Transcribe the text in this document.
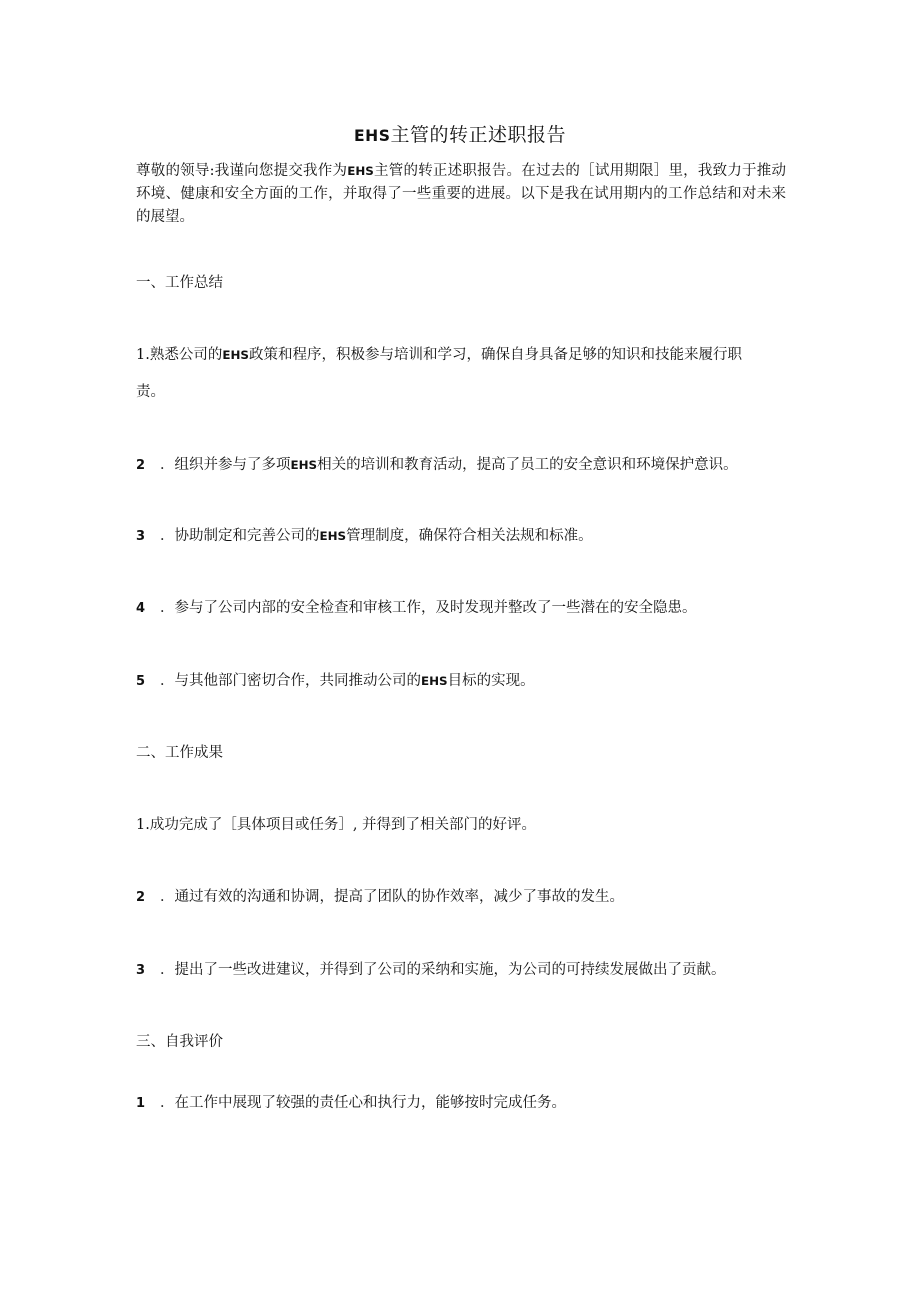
EHS主管的转正述职报告
尊敬的领导:我谨向您提交我作为EHS主管的转正述职报告。在过去的［试用期限］里，我致力于推动环境、健康和安全方面的工作，并取得了一些重要的进展。以下是我在试用期内的工作总结和对未来的展望。
一、工作总结
1.熟悉公司的EHS政策和程序，积极参与培训和学习，确保自身具备足够的知识和技能来履行职
责。
2 ．组织并参与了多项EHS相关的培训和教育活动，提高了员工的安全意识和环境保护意识。
3 ．协助制定和完善公司的EHS管理制度，确保符合相关法规和标准。
4 ．参与了公司内部的安全检查和审核工作，及时发现并整改了一些潜在的安全隐患。
5 ．与其他部门密切合作，共同推动公司的EHS目标的实现。
二、工作成果
1.成功完成了［具体项目或任务］, 并得到了相关部门的好评。
2 ．通过有效的沟通和协调，提高了团队的协作效率，减少了事故的发生。
3 ．提出了一些改进建议，并得到了公司的采纳和实施，为公司的可持续发展做出了贡献。
三、自我评价
1 ．在工作中展现了较强的责任心和执行力，能够按时完成任务。
